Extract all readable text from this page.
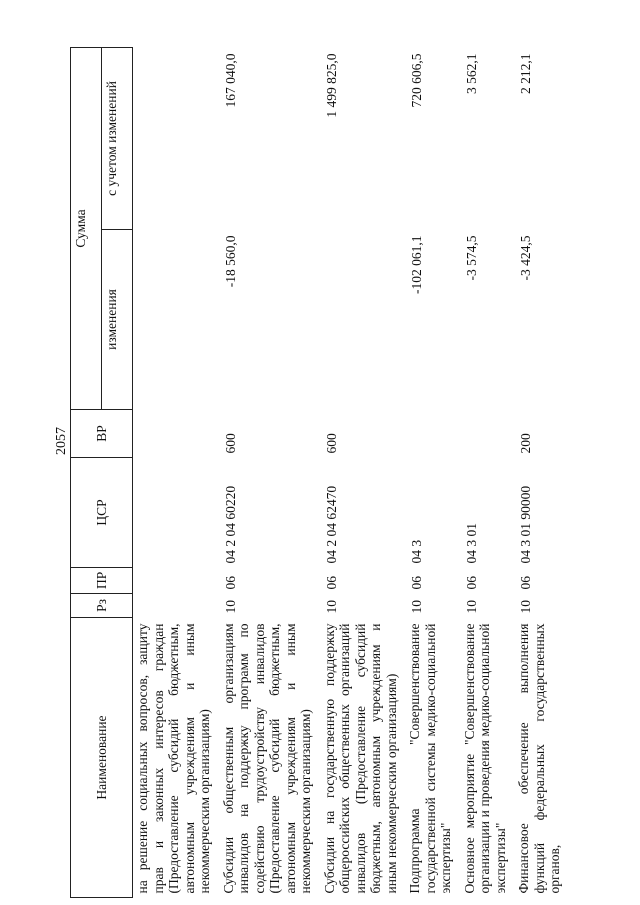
2057
Наименование	Рз	ПР	ЦСР	ВР	Сумма	
					изменения	с учетом изменений
на решение социальных вопросов, защиту прав и законных интересов граждан (Предоставление субсидий бюджетным, автономным учреждениям и иным некоммерческим организациям)						
Субсидии общественным организациям инвалидов на поддержку программ по содействию трудоустройству инвалидов (Предоставление субсидий бюджетным, автономным учреждениям и иным некоммерческим организациям)	10	06	04 2 04 60220	600	-18 560,0	167 040,0
Субсидии на государственную поддержку общероссийских общественных организаций инвалидов (Предоставление субсидий бюджетным, автономным учреждениям и иным некоммерческим организациям)	10	06	04 2 04 62470	600		1 499 825,0
Подпрограмма "Совершенствование государственной системы медико-социальной экспертизы"	10	06	04 3		-102 061,1	720 606,5
Основное мероприятие "Совершенствование организации и проведения медико-социальной экспертизы"	10	06	04 3 01		-3 574,5	3 562,1
Финансовое обеспечение выполнения функций федеральных государственных органов,	10	06	04 3 01 90000	200	-3 424,5	2 212,1
